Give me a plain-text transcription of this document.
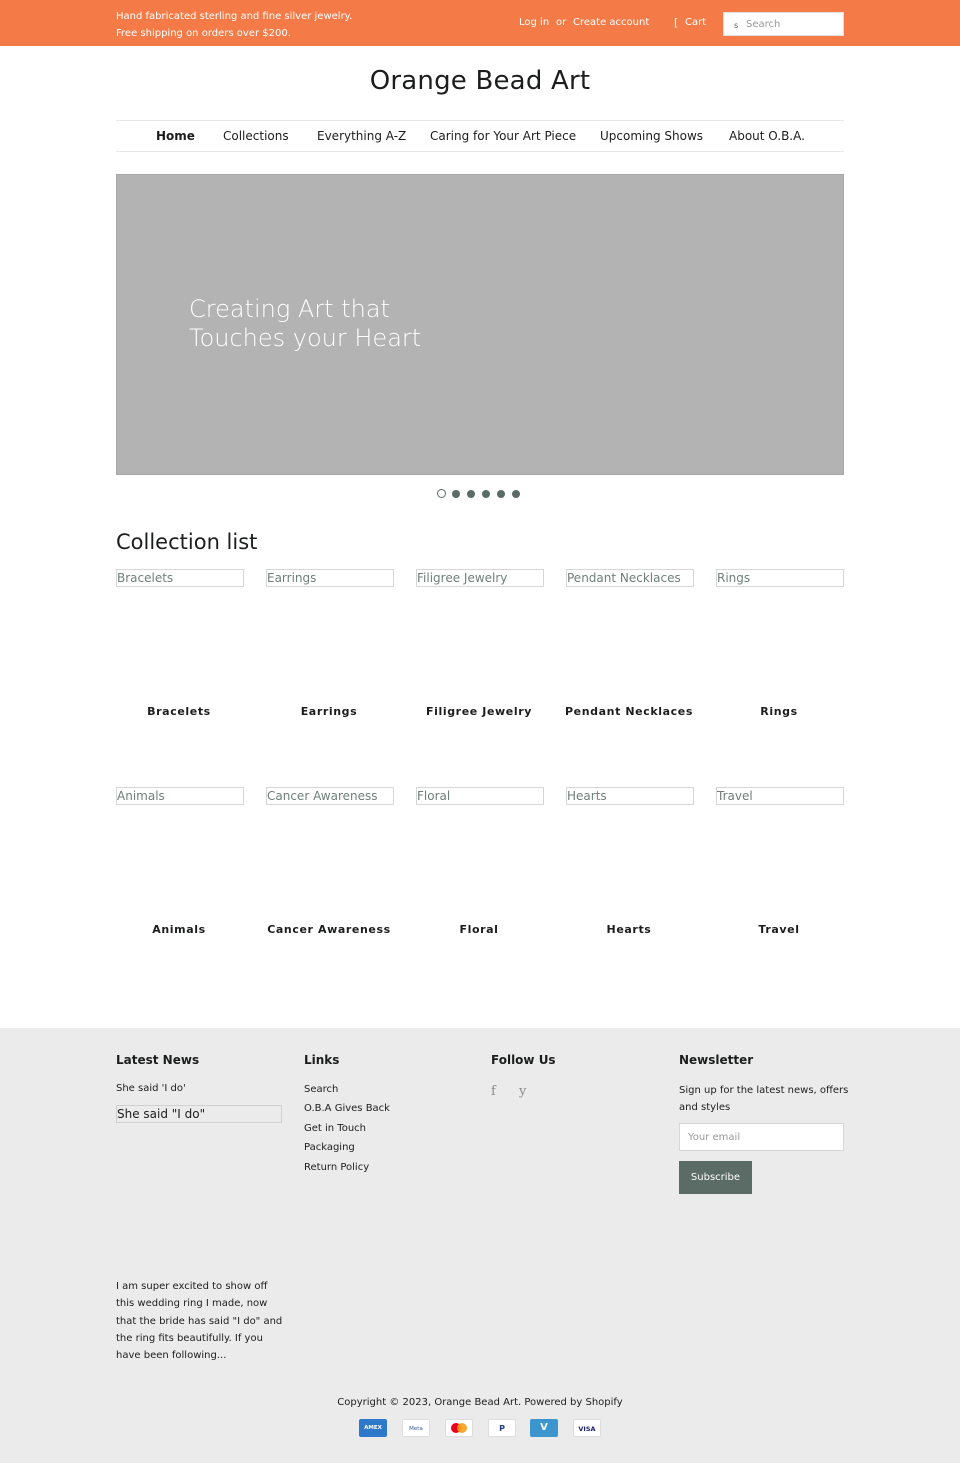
Hand fabricated sterling and fine silver jewelry.
Free shipping on orders over $200.
Log in or Create account [ Cart	s
Search
Orange Bead Art
Home Collections Everything A-Z Caring for Your Art Piece Upcoming Shows About O.B.A.
Creating Art that
Touches your Heart
Collection list
Bracelets	Earrings	Filigree Jewelry	Pendant Necklaces	Rings
Bracelets	Earrings	Filigree Jewelry	Pendant Necklaces	Rings
Animals	Cancer Awareness	Floral	Hearts	Travel
Animals	Cancer Awareness	Floral	Hearts	Travel
Latest News
She said 'I do'
She said "I do"
I am super excited to show off this wedding ring I made, now that the bride has said "I do" and the ring fits beautifully. If you have been following...
Links
Search
O.B.A Gives Back
Get in Touch
Packaging
Return Policy
Follow Us
f y
Newsletter
Sign up for the latest news, offers and styles
Your email
Subscribe
Copyright © 2023, Orange Bead Art. Powered by Shopify
AMEX	Meta	P	V	VISA
